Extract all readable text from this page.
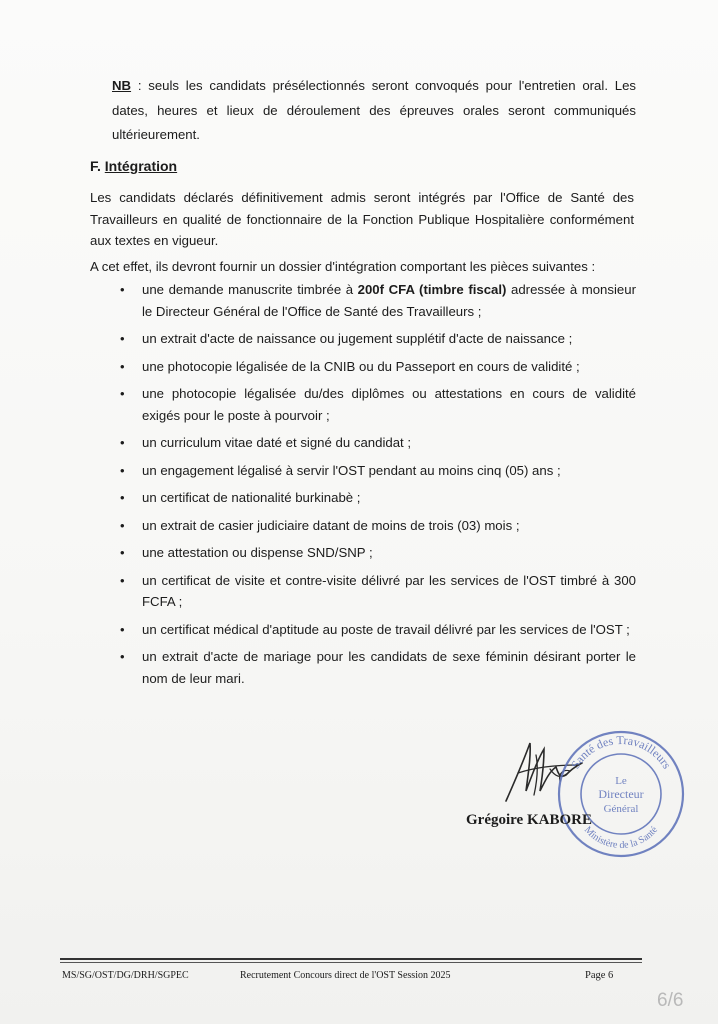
NB : seuls les candidats présélectionnés seront convoqués pour l'entretien oral. Les dates, heures et lieux de déroulement des épreuves orales seront communiqués ultérieurement.
F. Intégration

Les candidats déclarés définitivement admis seront intégrés par l'Office de Santé des Travailleurs en qualité de fonctionnaire de la Fonction Publique Hospitalière conformément aux textes en vigueur.

A cet effet, ils devront fournir un dossier d'intégration comportant les pièces suivantes :

• une demande manuscrite timbrée à 200f CFA (timbre fiscal) adressée à monsieur le Directeur Général de l'Office de Santé des Travailleurs ;
• un extrait d'acte de naissance ou jugement supplétif d'acte de naissance ;
• une photocopie légalisée de la CNIB ou du Passeport en cours de validité ;
• une photocopie légalisée du/des diplômes ou attestations en cours de validité exigés pour le poste à pourvoir ;
• un curriculum vitae daté et signé du candidat ;
• un engagement légalisé à servir l'OST pendant au moins cinq (05) ans ;
• un certificat de nationalité burkinabè ;
• un extrait de casier judiciaire datant de moins de trois (03) mois ;
• une attestation ou dispense SND/SNP ;
• un certificat de visite et contre-visite délivré par les services de l'OST timbré à 300 FCFA ;
• un certificat médical d'aptitude au poste de travail délivré par les services de l'OST ;
• un extrait d'acte de mariage pour les candidats de sexe féminin désirant porter le nom de leur mari.
Santé des Travailleurs
Ministère de la Santé
Le
Directeur
Général
Grégoire KABORE
MS/SG/OST/DG/DRH/SGPEC	Recrutement Concours direct de l'OST Session 2025	Page 6
6/6
